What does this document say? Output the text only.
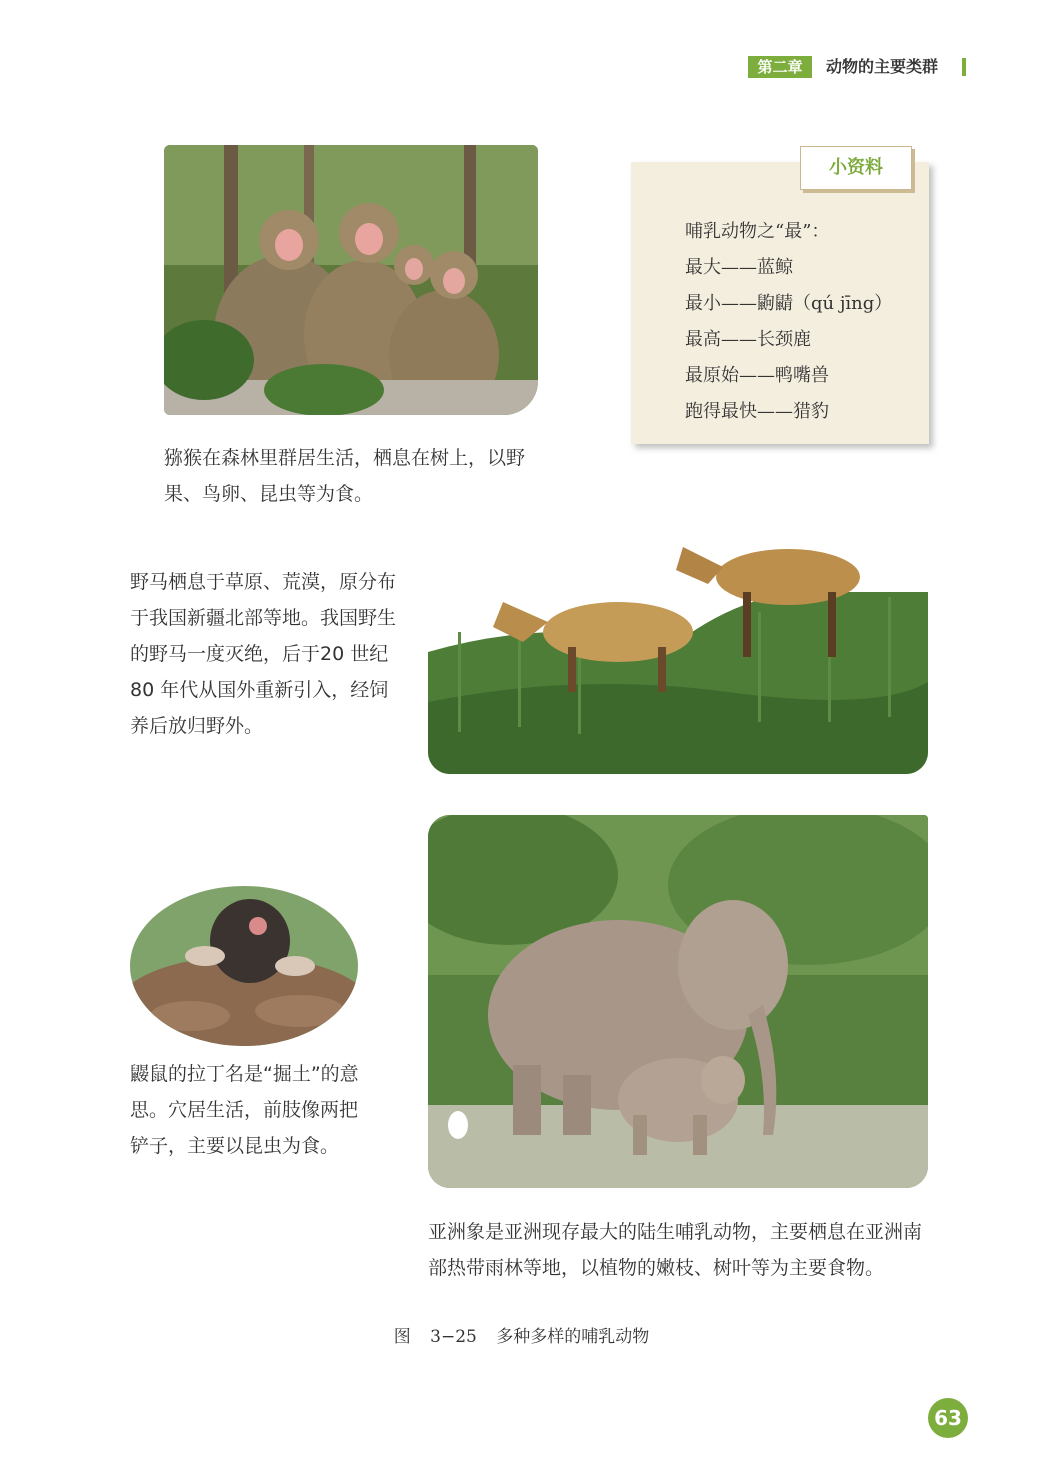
第二章	动物的主要类群

猕猴在森林里群居生活，栖息在树上，以野果、鸟卵、昆虫等为食。

小资料
哺乳动物之“最”：
最大——蓝鲸
最小——鼩鼱（qú jīng）
最高——长颈鹿
最原始——鸭嘴兽
跑得最快——猎豹

野马栖息于草原、荒漠，原分布于我国新疆北部等地。我国野生的野马一度灭绝，后于20 世纪 80 年代从国外重新引入，经饲养后放归野外。

鼹鼠的拉丁名是“掘土”的意思。穴居生活，前肢像两把铲子，主要以昆虫为食。

亚洲象是亚洲现存最大的陆生哺乳动物，主要栖息在亚洲南部热带雨林等地，以植物的嫩枝、树叶等为主要食物。

图 3−25 多种多样的哺乳动物
63
